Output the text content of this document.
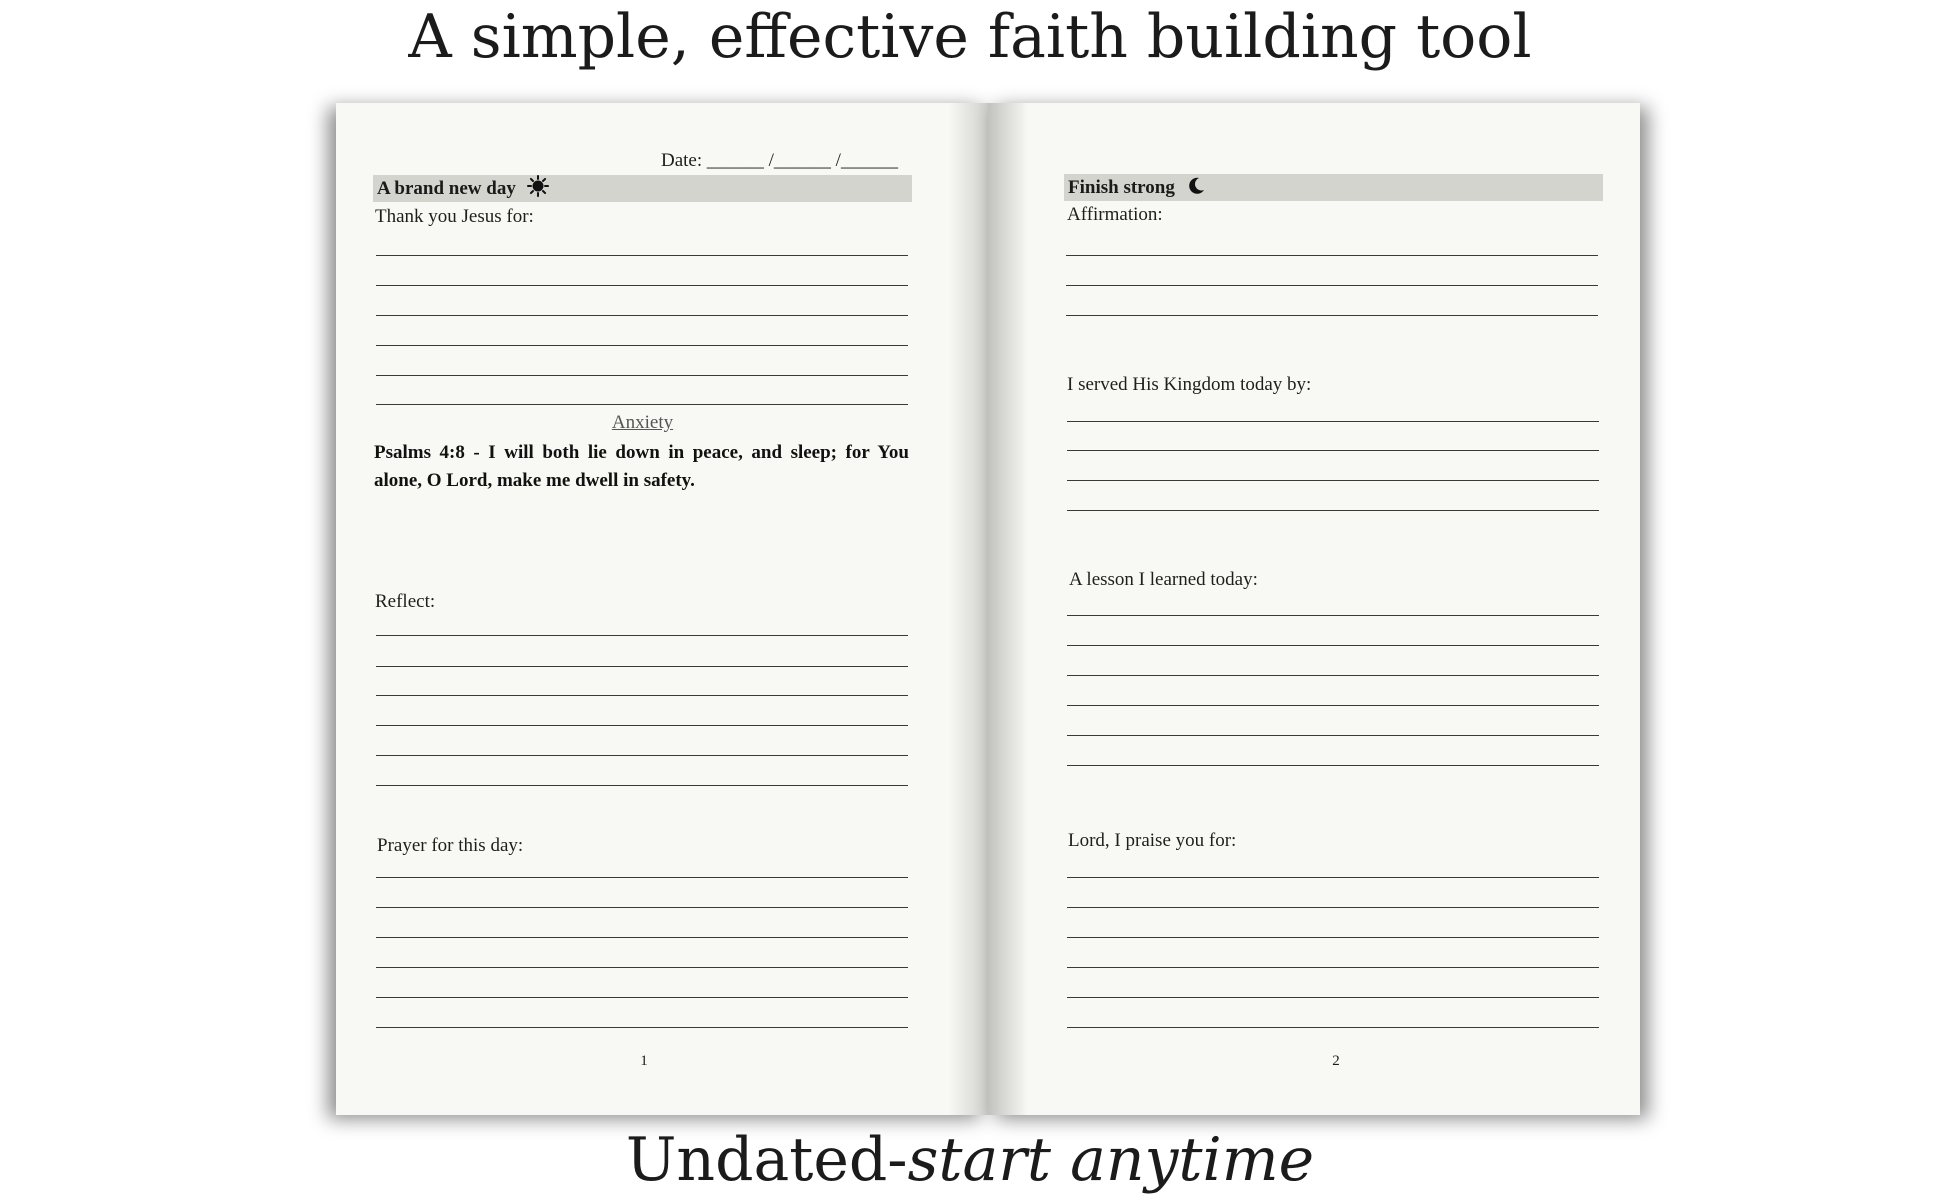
A simple, effective faith building tool
Date: ______ /______ /______
A brand new day
Thank you Jesus for:
Anxiety
Psalms 4:8 - I will both lie down in peace, and sleep; for You alone, O Lord, make me dwell in safety.
Reflect:
Prayer for this day:
1
Finish strong
Affirmation:
I served His Kingdom today by:
A lesson I learned today:
Lord, I praise you for:
2
Undated-start anytime
